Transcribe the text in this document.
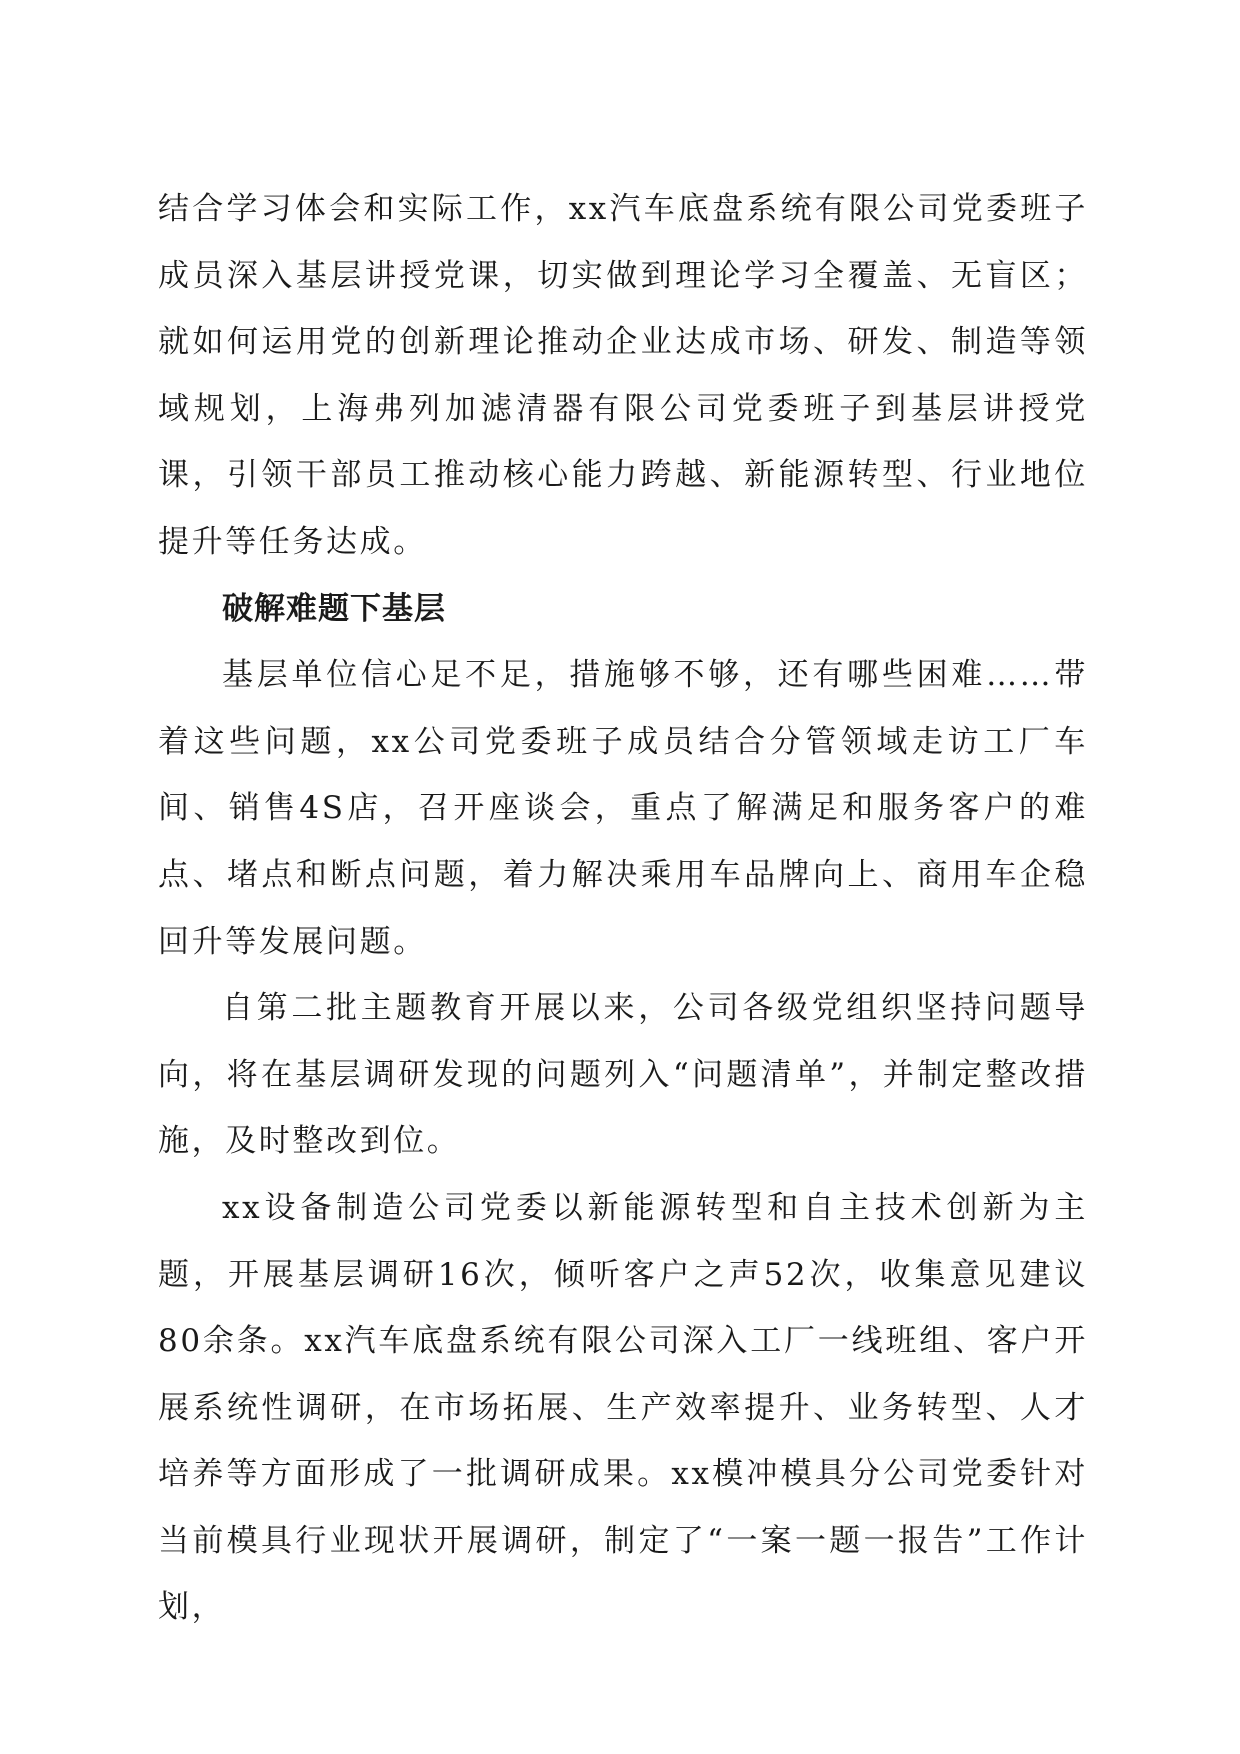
结合学习体会和实际工作，xx汽车底盘系统有限公司党委班子成员深入基层讲授党课，切实做到理论学习全覆盖、无盲区；就如何运用党的创新理论推动企业达成市场、研发、制造等领域规划，上海弗列加滤清器有限公司党委班子到基层讲授党课，引领干部员工推动核心能力跨越、新能源转型、行业地位提升等任务达成。

破解难题下基层

基层单位信心足不足，措施够不够，还有哪些困难……带着这些问题，xx公司党委班子成员结合分管领域走访工厂车间、销售4S店，召开座谈会，重点了解满足和服务客户的难点、堵点和断点问题，着力解决乘用车品牌向上、商用车企稳回升等发展问题。

自第二批主题教育开展以来，公司各级党组织坚持问题导向，将在基层调研发现的问题列入“问题清单”，并制定整改措施，及时整改到位。

xx设备制造公司党委以新能源转型和自主技术创新为主题，开展基层调研16次，倾听客户之声52次，收集意见建议80余条。xx汽车底盘系统有限公司深入工厂一线班组、客户开展系统性调研，在市场拓展、生产效率提升、业务转型、人才培养等方面形成了一批调研成果。xx模冲模具分公司党委针对当前模具行业现状开展调研，制定了“一案一题一报告”工作计划，
